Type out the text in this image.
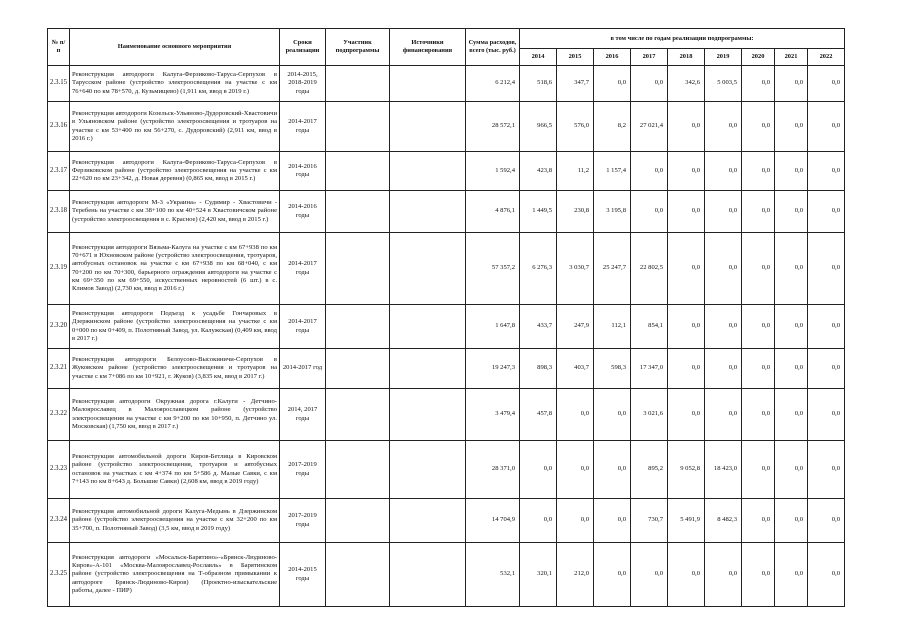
№ п/п	Наименование основного мероприятия	Сроки реализации	Участник подпрограммы	Источники финансирования	Сумма расходов, всего (тыс. руб.)	в том числе по годам реализации подпрограммы:								
						2014	2015	2016	2017	2018	2019	2020	2021	2022
2.3.15	Реконструкция автодороги Калуга-Ферзиково-Таруса-Серпухов в Тарусском районе (устройство электроосвещения на участке с км 76+640 по км 78+570, д. Кузьмищево) (1,911 км, ввод в 2019 г.)	2014-2015, 2018-2019 годы			6 212,4	518,6	347,7	0,0	0,0	342,6	5 003,5	0,0	0,0	0,0
2.3.16	Реконструкция автодороги Козельск-Ульяново-Дудоровский-Хвастовичи в Ульяновском районе (устройство электроосвещения и тротуаров на участке с км 53+400 по км 56+270, с. Дудоровский) (2,911 км, ввод в 2016 г.)	2014-2017 годы			28 572,1	966,5	576,0	8,2	27 021,4	0,0	0,0	0,0	0,0	0,0
2.3.17	Реконструкция автодороги Калуга-Ферзиково-Таруса-Серпухов в Ферзиковском районе (устройство электроосвещения на участке с км 22+620 по км 23+342, д. Новая деревня) (0,865 км, ввод в 2015 г.)	2014-2016 годы			1 592,4	423,8	11,2	1 157,4	0,0	0,0	0,0	0,0	0,0	0,0
2.3.18	Реконструкция автодороги М-3 «Украина» - Судимир - Хвастовичи - Теребень на участке с км 38+100 по км 40+524 в Хвастовичском районе (устройство электроосвещения в с. Красное) (2,420 км, ввод в 2015 г.)	2014-2016 годы			4 876,1	1 449,5	230,8	3 195,8	0,0	0,0	0,0	0,0	0,0	0,0
2.3.19	Реконструкция автодороги Вязьма-Калуга на участке с км 67+938 по км 70+671 в Юхновском районе (устройство электроосвещения, тротуаров, автобусных остановок на участке с км 67+938 по км 68+040, с км 70+200 по км 70+300, барьерного ограждения автодороги на участке с км 69+350 по км 69+550, искусственных неровностей (6 шт.) в с. Климов Завод) (2,730 км, ввод в 2016 г.)	2014-2017 годы			57 357,2	6 276,3	3 030,7	25 247,7	22 802,5	0,0	0,0	0,0	0,0	0,0
2.3.20	Реконструкция автодороги Подъезд к усадьбе Гончаровых в Дзержинском районе (устройство электроосвещения на участке с км 0+000 по км 0+409, п. Полотняный Завод, ул. Калужская) (0,409 км, ввод в 2017 г.)	2014-2017 годы			1 647,8	433,7	247,9	112,1	854,1	0,0	0,0	0,0	0,0	0,0
2.3.21	Реконструкция автодороги Белоусово-Высокиничи-Серпухов в Жуковском районе (устройство электроосвещения и тротуаров на участке с км 7+086 по км 10+921, г. Жуков) (3,835 км, ввод в 2017 г.)	2014-2017 год			19 247,3	898,3	403,7	598,3	17 347,0	0,0	0,0	0,0	0,0	0,0
2.3.22	Реконструкция автодороги Окружная дорога г.Калуги - Детчино-Малоярославец в Малоярославецком районе (устройство электроосвещения на участке с км 9+200 по км 10+950, п. Детчино ул. Московская) (1,750 км, ввод в 2017 г.)	2014, 2017 годы			3 479,4	457,8	0,0	0,0	3 021,6	0,0	0,0	0,0	0,0	0,0
2.3.23	Реконструкция автомобильной дороги Киров-Бетлица в Кировском районе (устройство электроосвещения, тротуаров и автобусных остановок на участках с км 4+374 по км 5+586 д. Малые Савки, с км 7+143 по км 8+643 д. Большие Савки) (2,608 км, ввод в 2019 году)	2017-2019 годы			28 371,0	0,0	0,0	0,0	895,2	9 052,8	18 423,0	0,0	0,0	0,0
2.3.24	Реконструкция автомобильной дороги Калуга-Медынь в Дзержинском районе (устройство электроосвещения на участке с км 32+200 по км 35+700, п. Полотняный Завод) (3,5 км, ввод в 2019 году)	2017-2019 годы			14 704,9	0,0	0,0	0,0	730,7	5 491,9	8 482,3	0,0	0,0	0,0
2.3.25	Реконструкция автодороги «Мосальск-Барятино»-«Брянск-Людиново-Киров»-А-101 «Москва-Малоярославец-Рославль» в Барятинском районе (устройство электроосвещения на Т-образном примыкании к автодороге Брянск-Людиново-Киров) (Проектно-изыскательские работы, далее - ПИР)	2014-2015 годы			532,1	320,1	212,0	0,0	0,0	0,0	0,0	0,0	0,0	0,0
